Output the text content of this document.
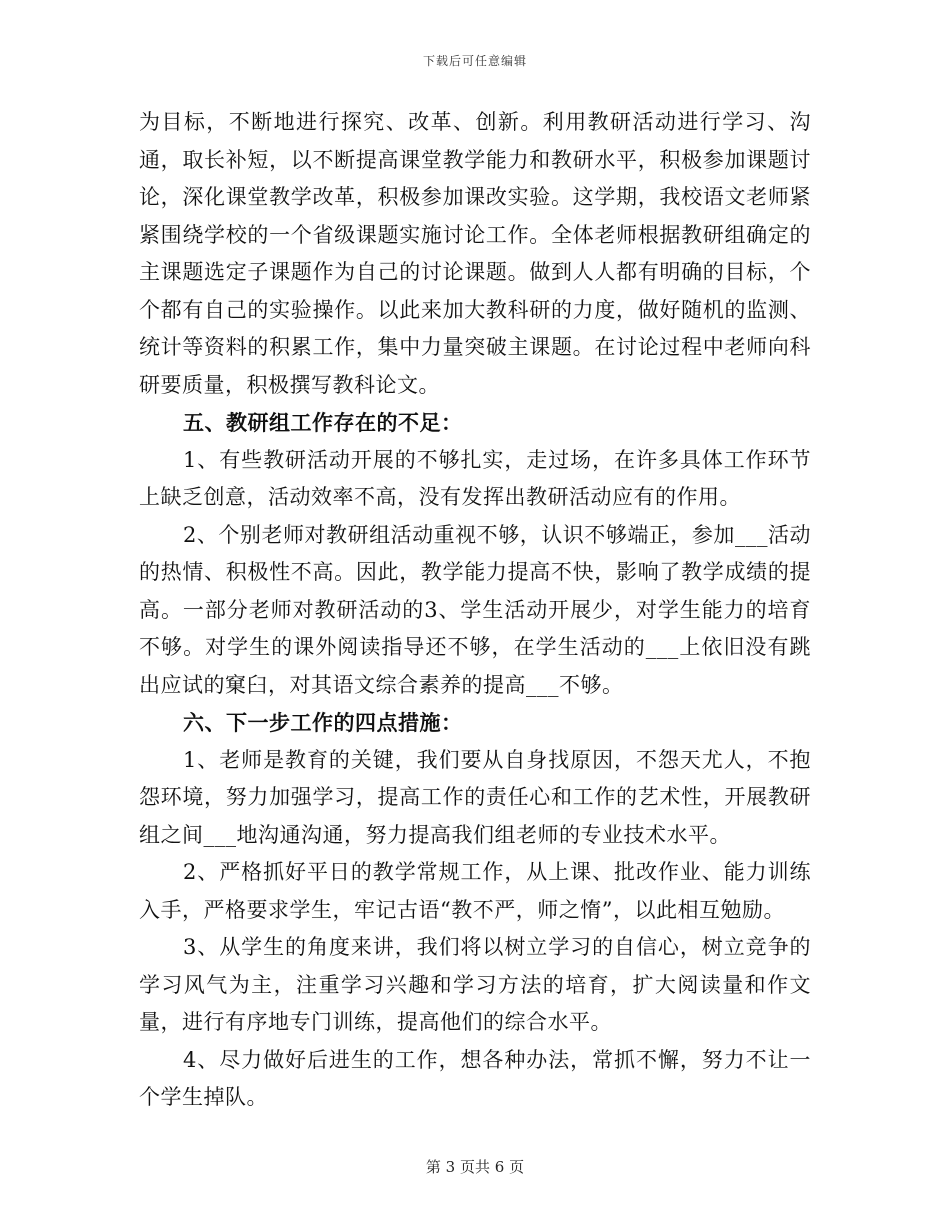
下载后可任意编辑

为目标，不断地进行探究、改革、创新。利用教研活动进行学习、沟通，取长补短，以不断提高课堂教学能力和教研水平，积极参加课题讨论，深化课堂教学改革，积极参加课改实验。这学期，我校语文老师紧紧围绕学校的一个省级课题实施讨论工作。全体老师根据教研组确定的主课题选定子课题作为自己的讨论课题。做到人人都有明确的目标，个个都有自己的实验操作。以此来加大教科研的力度，做好随机的监测、统计等资料的积累工作，集中力量突破主课题。在讨论过程中老师向科研要质量，积极撰写教科论文。

五、教研组工作存在的不足：

1、有些教研活动开展的不够扎实，走过场，在许多具体工作环节上缺乏创意，活动效率不高，没有发挥出教研活动应有的作用。

2、个别老师对教研组活动重视不够，认识不够端正，参加___活动的热情、积极性不高。因此，教学能力提高不快，影响了教学成绩的提高。一部分老师对教研活动的3、学生活动开展少，对学生能力的培育不够。对学生的课外阅读指导还不够，在学生活动的___上依旧没有跳出应试的窠臼，对其语文综合素养的提高___不够。

六、下一步工作的四点措施：

1、老师是教育的关键，我们要从自身找原因，不怨天尤人，不抱怨环境，努力加强学习，提高工作的责任心和工作的艺术性，开展教研组之间___地沟通沟通，努力提高我们组老师的专业技术水平。

2、严格抓好平日的教学常规工作，从上课、批改作业、能力训练入手，严格要求学生，牢记古语“教不严，师之惰”，以此相互勉励。

3、从学生的角度来讲，我们将以树立学习的自信心，树立竞争的学习风气为主，注重学习兴趣和学习方法的培育，扩大阅读量和作文量，进行有序地专门训练，提高他们的综合水平。

4、尽力做好后进生的工作，想各种办法，常抓不懈，努力不让一个学生掉队。

第 3 页共 6 页
